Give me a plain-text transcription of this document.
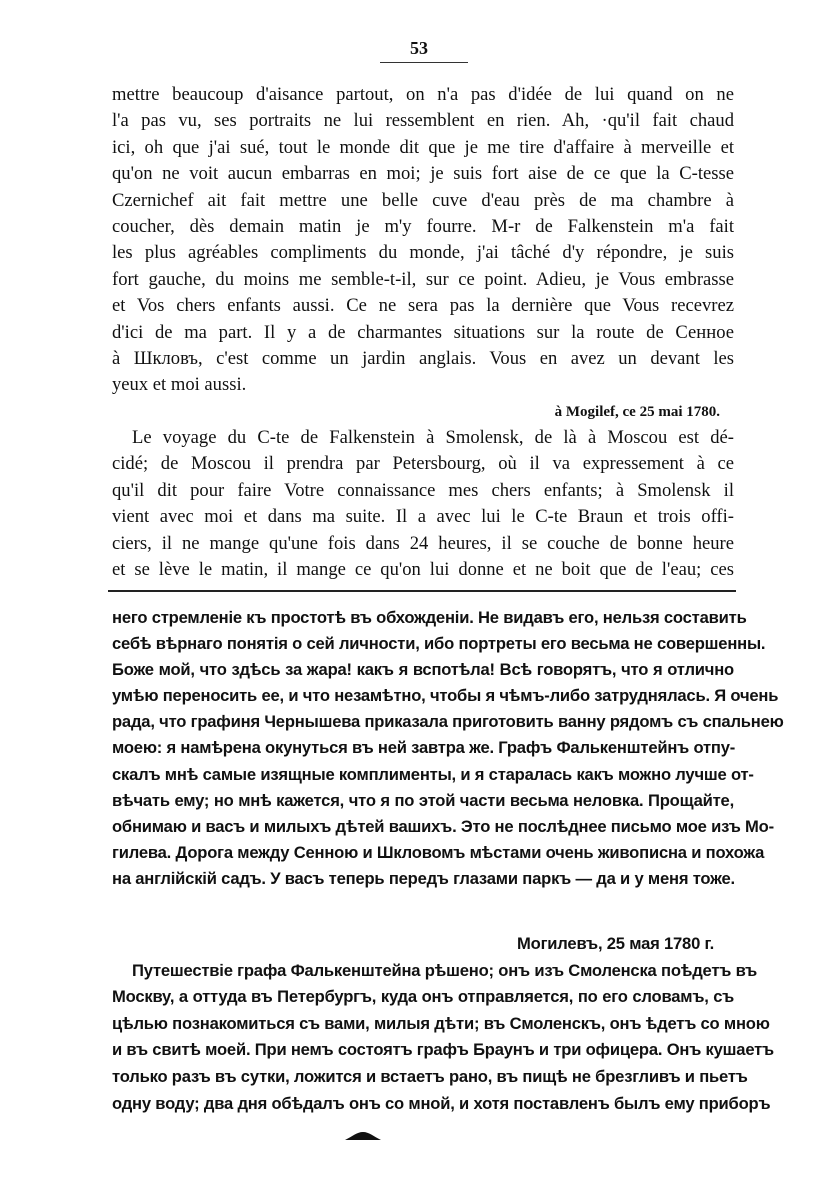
53
mettre beaucoup d'aisance partout, on n'a pas d'idée de lui quand on ne
l'a pas vu, ses portraits ne lui ressemblent en rien. Ah, ·qu'il fait chaud
ici, oh que j'ai sué, tout le monde dit que je me tire d'affaire à merveille et
qu'on ne voit aucun embarras en moi; je suis fort aise de ce que la C-tesse
Czernichef ait fait mettre une belle cuve d'eau près de ma chambre à
coucher, dès demain matin je m'y fourre. M-r de Falkenstein m'a fait
les plus agréables compliments du monde, j'ai tâché d'y répondre, je suis
fort gauche, du moins me semble-t-il, sur ce point. Adieu, je Vous embrasse
et Vos chers enfants aussi. Ce ne sera pas la dernière que Vous recevrez
d'ici de ma part. Il y a de charmantes situations sur la route de Сенное
à Шкловъ, c'est comme un jardin anglais. Vous en avez un devant les
yeux et moi aussi.
à Mogilef, ce 25 mai 1780.
Le voyage du C-te de Falkenstein à Smolensk, de là à Moscou est dé-
cidé; de Moscou il prendra par Petersbourg, où il va expressement à ce
qu'il dit pour faire Votre connaissance mes chers enfants; à Smolensk il
vient avec moi et dans ma suite. Il a avec lui le C-te Braun et trois offi-
ciers, il ne mange qu'une fois dans 24 heures, il se couche de bonne heure
et se lève le matin, il mange ce qu'on lui donne et ne boit que de l'eau; ces
него стремленіе къ простотѣ въ обхожденіи. Не видавъ его, нельзя составить
себѣ вѣрнаго понятія о сей личности, ибо портреты его весьма не совершенны.
Боже мой, что здѣсь за жара! какъ я вспотѣла! Всѣ говорятъ, что я отлично
умѣю переносить ее, и что незамѣтно, чтобы я чѣмъ-либо затруднялась. Я очень
рада, что графиня Чернышева приказала приготовить ванну рядомъ съ спальнею
моею: я намѣрена окунуться въ ней завтра же. Графъ Фалькенштейнъ отпу-
скалъ мнѣ самые изящные комплименты, и я старалась какъ можно лучше от-
вѣчать ему; но мнѣ кажется, что я по этой части весьма неловка. Прощайте,
обнимаю и васъ и милыхъ дѣтей вашихъ. Это не послѣднее письмо мое изъ Мо-
гилева. Дорога между Сенною и Шкловомъ мѣстами очень живописна и похожа
на англійскій садъ. У васъ теперь передъ глазами паркъ — да и у меня тоже.
Могилевъ, 25 мая 1780 г.
Путешествіе графа Фалькенштейна рѣшено; онъ изъ Смоленска поѣдетъ въ
Москву, а оттуда въ Петербургъ, куда онъ отправляется, по его словамъ, съ
цѣлью познакомиться съ вами, милыя дѣти; въ Смоленскъ, онъ ѣдетъ со мною
и въ свитѣ моей. При немъ состоятъ графъ Браунъ и три офицера. Онъ кушаетъ
только разъ въ сутки, ложится и встаетъ рано, въ пищѣ не брезгливъ и пьетъ
одну воду; два дня обѣдалъ онъ со мной, и хотя поставленъ былъ ему приборъ
